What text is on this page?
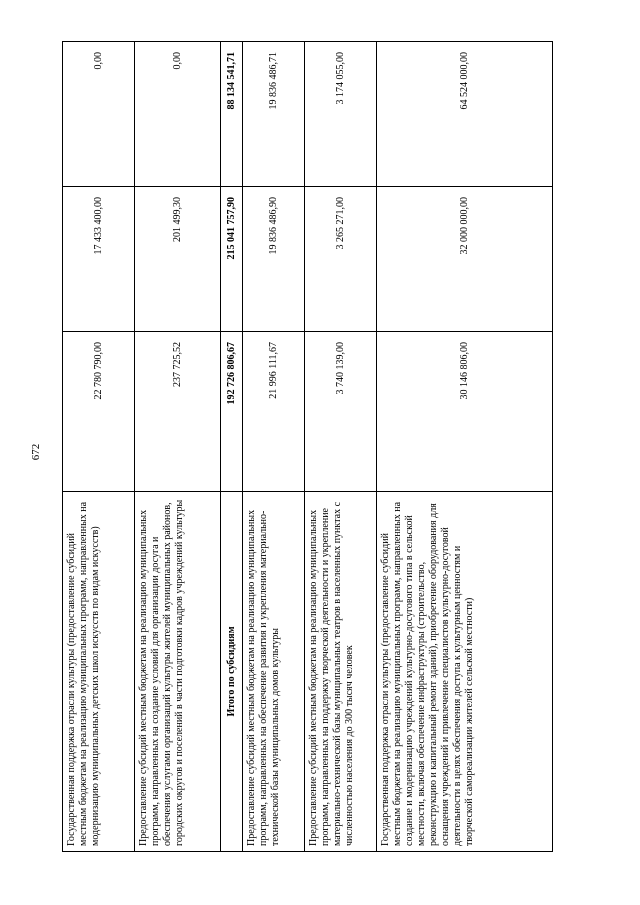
672
Государственная поддержка отрасли культуры (предоставление субсидий местным бюджетам на реализацию муниципальных программ, направленных на модернизацию муниципальных детских школ искусств по видам искусств)	22 780 790,00	17 433 400,00	0,00
Предоставление субсидий местным бюджетам на реализацию муниципальных программ, направленных на создание условий для организации досуга и обеспечения услугами организаций культуры жителей муниципальных районов, городских округов и поселений в части подготовки кадров учреждений культуры	237 725,52	201 499,30	0,00
Итого по субсидиям	192 726 806,67	215 041 757,90	88 134 541,71
Предоставление субсидий местным бюджетам на реализацию муниципальных программ, направленных на обеспечение развития и укрепления материально-технической базы муниципальных домов культуры	21 996 111,67	19 836 486,90	19 836 486,71
Предоставление субсидий местным бюджетам на реализацию муниципальных программ, направленных на поддержку творческой деятельности и укрепление материально-технической базы муниципальных театров в населенных пунктах с численностью населения до 300 тысяч человек	3 740 139,00	3 265 271,00	3 174 055,00
Государственная поддержка отрасли культуры (предоставление субсидий местным бюджетам на реализацию муниципальных программ, направленных на создание и модернизацию учреждений культурно-досугового типа в сельской местности, включая обеспечение инфраструктуры (строительство, реконструкцию и капитальный ремонт зданий), приобретение оборудования для оснащения учреждений и привлечение специалистов культурно-досуговой деятельности в целях обеспечения доступа к культурным ценностям и творческой самореализации жителей сельской местности)	30 146 806,00	32 000 000,00	64 524 000,00
